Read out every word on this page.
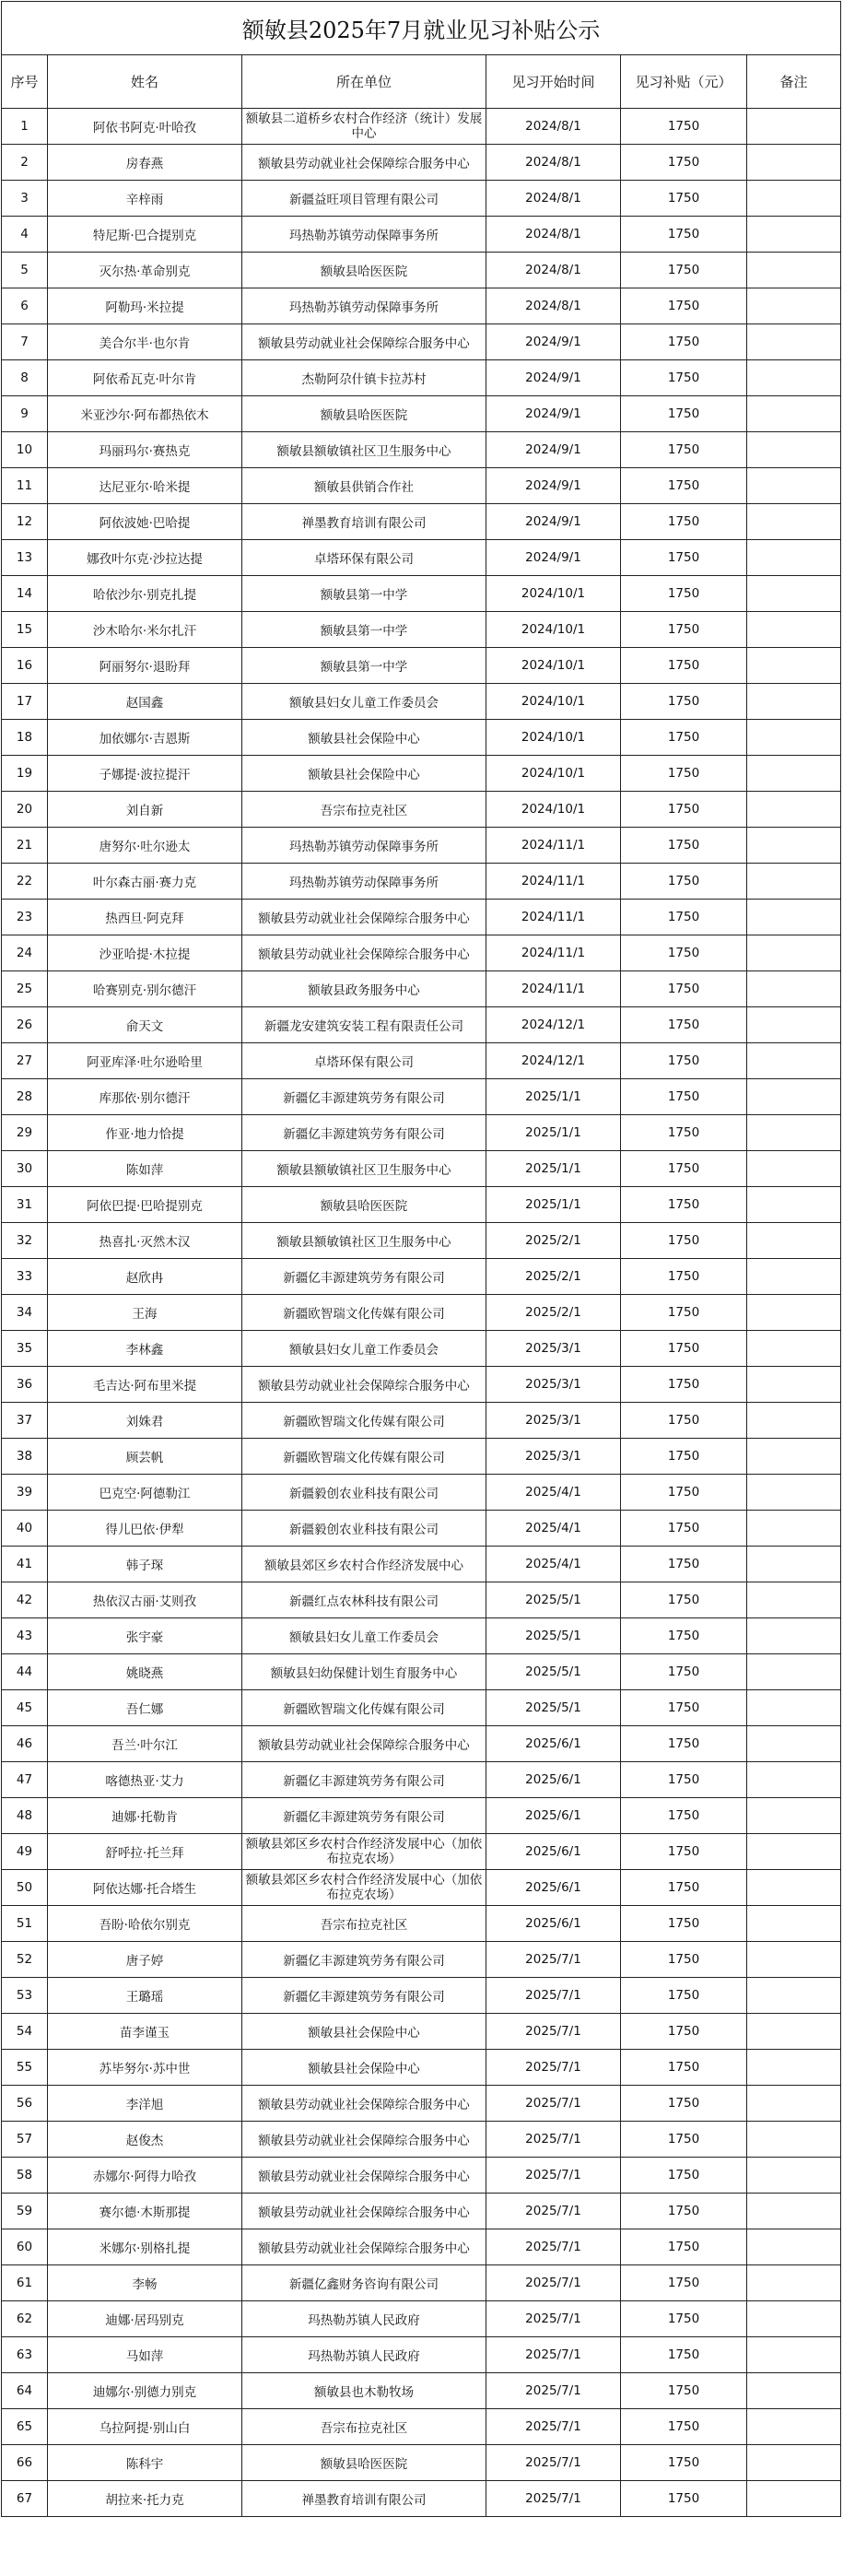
额敏县2025年7月就业见习补贴公示					
序号	姓名	所在单位	见习开始时间	见习补贴（元）	备注
1	阿依书阿克·叶哈孜	额敏县二道桥乡农村合作经济（统计）发展中心	2024/8/1	1750	
2	房春燕	额敏县劳动就业社会保障综合服务中心	2024/8/1	1750	
3	辛梓雨	新疆益旺项目管理有限公司	2024/8/1	1750	
4	特尼斯·巴合提别克	玛热勒苏镇劳动保障事务所	2024/8/1	1750	
5	灭尔热·革命别克	额敏县哈医医院	2024/8/1	1750	
6	阿勒玛·米拉提	玛热勒苏镇劳动保障事务所	2024/8/1	1750	
7	美合尔半·也尔肯	额敏县劳动就业社会保障综合服务中心	2024/9/1	1750	
8	阿依希瓦克·叶尔肯	杰勒阿尕什镇卡拉苏村	2024/9/1	1750	
9	米亚沙尔·阿布都热依木	额敏县哈医医院	2024/9/1	1750	
10	玛丽玛尔·赛热克	额敏县额敏镇社区卫生服务中心	2024/9/1	1750	
11	达尼亚尔·哈米提	额敏县供销合作社	2024/9/1	1750	
12	阿依波她·巴哈提	禅墨教育培训有限公司	2024/9/1	1750	
13	娜孜叶尔克·沙拉达提	卓塔环保有限公司	2024/9/1	1750	
14	哈依沙尔·别克扎提	额敏县第一中学	2024/10/1	1750	
15	沙木哈尔·米尔扎汗	额敏县第一中学	2024/10/1	1750	
16	阿丽努尔·退盼拜	额敏县第一中学	2024/10/1	1750	
17	赵国鑫	额敏县妇女儿童工作委员会	2024/10/1	1750	
18	加依娜尔·吉恩斯	额敏县社会保险中心	2024/10/1	1750	
19	子娜提·波拉提汗	额敏县社会保险中心	2024/10/1	1750	
20	刘自新	吾宗布拉克社区	2024/10/1	1750	
21	唐努尔·吐尔逊太	玛热勒苏镇劳动保障事务所	2024/11/1	1750	
22	叶尔森古丽·赛力克	玛热勒苏镇劳动保障事务所	2024/11/1	1750	
23	热西旦·阿克拜	额敏县劳动就业社会保障综合服务中心	2024/11/1	1750	
24	沙亚哈提·木拉提	额敏县劳动就业社会保障综合服务中心	2024/11/1	1750	
25	哈赛别克·别尔德汗	额敏县政务服务中心	2024/11/1	1750	
26	俞天文	新疆龙安建筑安装工程有限责任公司	2024/12/1	1750	
27	阿亚库泽·吐尔逊哈里	卓塔环保有限公司	2024/12/1	1750	
28	库那依·别尔德汗	新疆亿丰源建筑劳务有限公司	2025/1/1	1750	
29	作亚·地力恰提	新疆亿丰源建筑劳务有限公司	2025/1/1	1750	
30	陈如萍	额敏县额敏镇社区卫生服务中心	2025/1/1	1750	
31	阿依巴提·巴哈提别克	额敏县哈医医院	2025/1/1	1750	
32	热喜扎·灭然木汉	额敏县额敏镇社区卫生服务中心	2025/2/1	1750	
33	赵欣冉	新疆亿丰源建筑劳务有限公司	2025/2/1	1750	
34	王海	新疆欧智瑞文化传媒有限公司	2025/2/1	1750	
35	李林鑫	额敏县妇女儿童工作委员会	2025/3/1	1750	
36	毛吉达·阿布里米提	额敏县劳动就业社会保障综合服务中心	2025/3/1	1750	
37	刘姝君	新疆欧智瑞文化传媒有限公司	2025/3/1	1750	
38	顾芸帆	新疆欧智瑞文化传媒有限公司	2025/3/1	1750	
39	巴克空·阿德勒江	新疆毅创农业科技有限公司	2025/4/1	1750	
40	得儿巴依·伊犁	新疆毅创农业科技有限公司	2025/4/1	1750	
41	韩子琛	额敏县郊区乡农村合作经济发展中心	2025/4/1	1750	
42	热依汉古丽·艾则孜	新疆红点农林科技有限公司	2025/5/1	1750	
43	张宇豪	额敏县妇女儿童工作委员会	2025/5/1	1750	
44	姚晓燕	额敏县妇幼保健计划生育服务中心	2025/5/1	1750	
45	吾仁娜	新疆欧智瑞文化传媒有限公司	2025/5/1	1750	
46	吾兰·叶尔江	额敏县劳动就业社会保障综合服务中心	2025/6/1	1750	
47	喀德热亚·艾力	新疆亿丰源建筑劳务有限公司	2025/6/1	1750	
48	迪娜·托勒肯	新疆亿丰源建筑劳务有限公司	2025/6/1	1750	
49	舒呼拉·托兰拜	额敏县郊区乡农村合作经济发展中心（加依布拉克农场）	2025/6/1	1750	
50	阿依达娜·托合塔生	额敏县郊区乡农村合作经济发展中心（加依布拉克农场）	2025/6/1	1750	
51	吾盼·哈依尔别克	吾宗布拉克社区	2025/6/1	1750	
52	唐子婷	新疆亿丰源建筑劳务有限公司	2025/7/1	1750	
53	王璐瑶	新疆亿丰源建筑劳务有限公司	2025/7/1	1750	
54	苗李谨玉	额敏县社会保险中心	2025/7/1	1750	
55	苏毕努尔·苏中世	额敏县社会保险中心	2025/7/1	1750	
56	李洋旭	额敏县劳动就业社会保障综合服务中心	2025/7/1	1750	
57	赵俊杰	额敏县劳动就业社会保障综合服务中心	2025/7/1	1750	
58	赤娜尔·阿得力哈孜	额敏县劳动就业社会保障综合服务中心	2025/7/1	1750	
59	赛尔德·木斯那提	额敏县劳动就业社会保障综合服务中心	2025/7/1	1750	
60	米娜尔·别格扎提	额敏县劳动就业社会保障综合服务中心	2025/7/1	1750	
61	李畅	新疆亿鑫财务咨询有限公司	2025/7/1	1750	
62	迪娜·居玛别克	玛热勒苏镇人民政府	2025/7/1	1750	
63	马如萍	玛热勒苏镇人民政府	2025/7/1	1750	
64	迪娜尔·别德力别克	额敏县也木勒牧场	2025/7/1	1750	
65	乌拉阿提·别山白	吾宗布拉克社区	2025/7/1	1750	
66	陈科宇	额敏县哈医医院	2025/7/1	1750	
67	胡拉来·托力克	禅墨教育培训有限公司	2025/7/1	1750	
